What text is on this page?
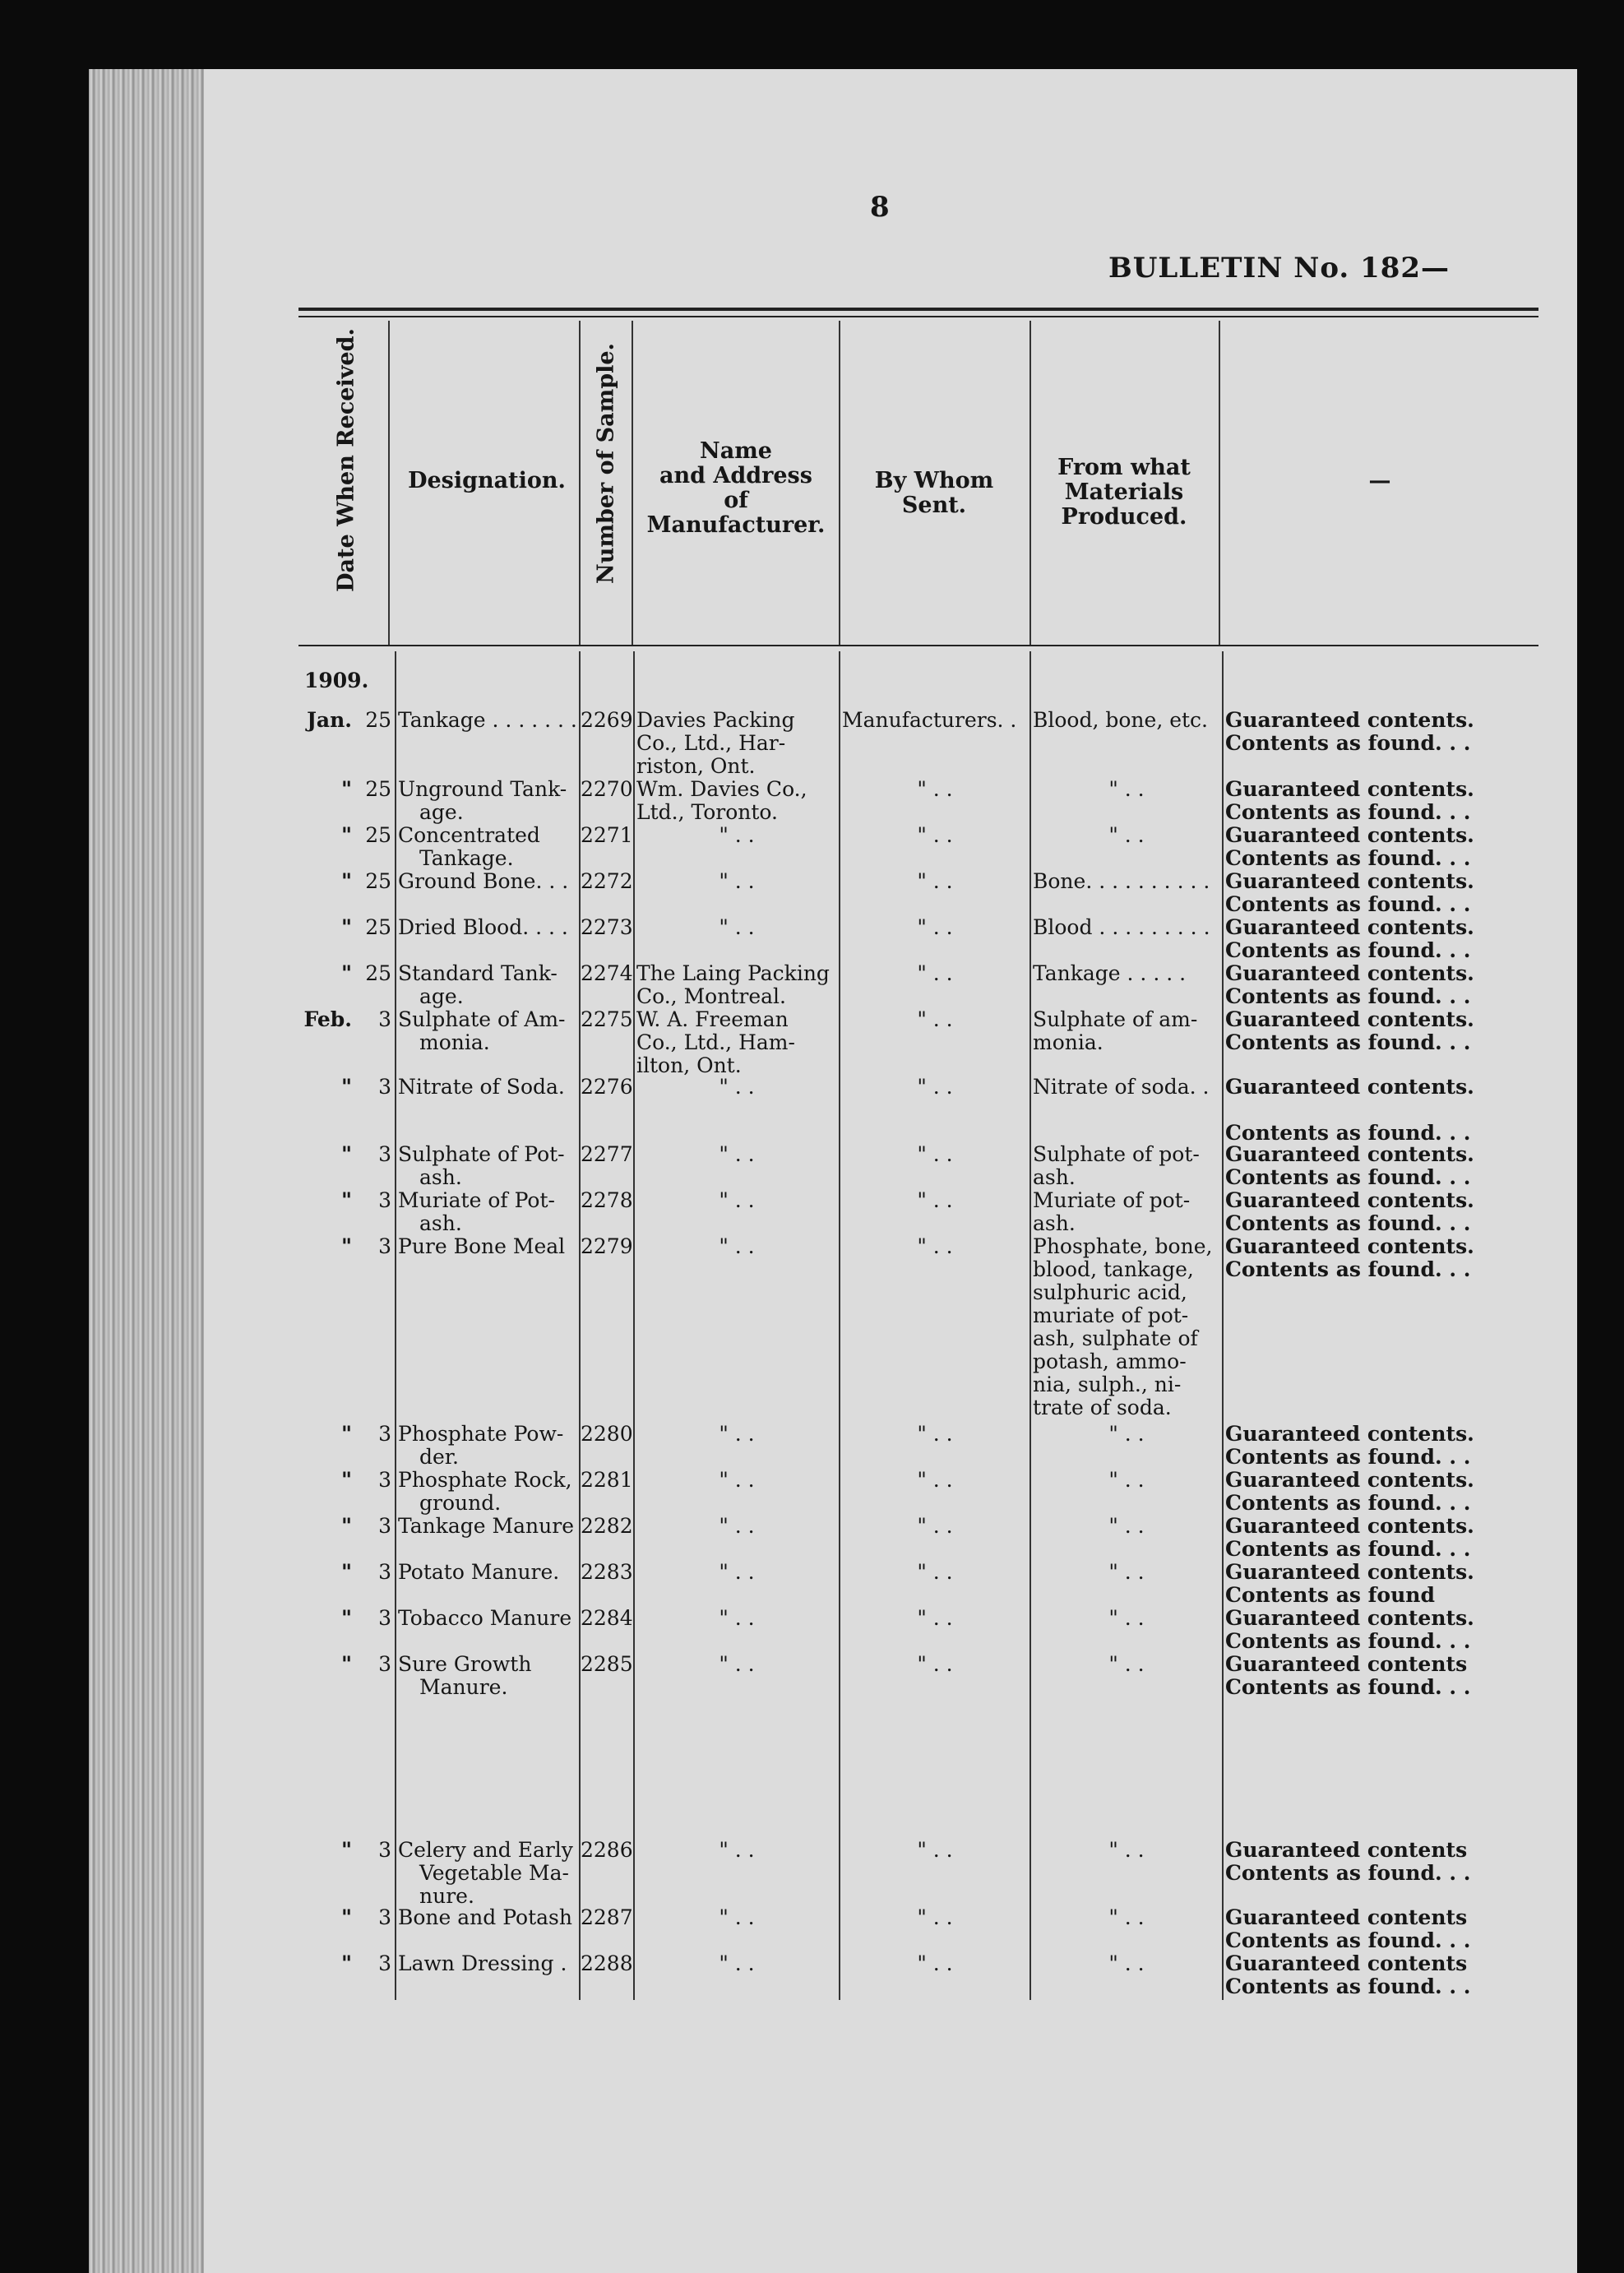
8
BULLETIN No. 182—
Date When Received.	Designation.	Number of Sample.	Name
and Address
of Manufacturer.
By Whom Sent.
From what
Materials
Produced.
—
1909.
Jan. 25 Tankage . . . . . . . 2269 Davies Packing
Co., Ltd., Har-
riston, Ont.
Manufacturers. . Blood, bone, etc. Guaranteed contents.
Contents as found. . .
" 25 Unground Tank-
age.
2270 Wm. Davies Co.,
Ltd., Toronto.
" . .	" . .	Guaranteed contents.
Contents as found. . .
" 25 Concentrated
Tankage.
2271	" . .	" . .	" . .	Guaranteed contents.
Contents as found. . .
" 25 Ground Bone. . . 2272	" . .	" . .	Bone. . . . . . . . . . Guaranteed contents.
Contents as found. . .
" 25 Dried Blood. . . . 2273	" . .	" . .	Blood . . . . . . . . . Guaranteed contents.
Contents as found. . .
" 25 Standard Tank-
age.
2274 The Laing Packing
Co., Montreal.
" . .	Tankage . . . . .	Guaranteed contents.
Contents as found. . .
Feb.	3 Sulphate of Am-
monia.
2275 W. A. Freeman
Co., Ltd., Ham-
ilton, Ont.
" . .	Sulphate of am-
monia.
Guaranteed contents.
Contents as found. . .
"	3 Nitrate of Soda. 2276	" . .	" . .	Nitrate of soda. . Guaranteed contents.
Contents as found. . .
"	3 Sulphate of Pot-
ash.
2277	" . .	" . .	Sulphate of pot-
ash.
Guaranteed contents.
Contents as found. . .
"	3 Muriate of Pot-
ash.
2278	" . .	" . .	Muriate of pot-
ash.
Guaranteed contents.
Contents as found. . .
"	3 Pure Bone Meal 2279	" . .	" . .	Phosphate, bone,
blood, tankage,
sulphuric acid,
muriate of pot-
ash, sulphate of
potash, ammo-
nia, sulph., ni-
trate of soda.
Guaranteed contents.
Contents as found. . .
"	3 Phosphate Pow-
der.
2280	" . .	" . .	" . .	Guaranteed contents.
Contents as found. . .
"	3 Phosphate Rock,
ground.
2281	" . .	" . .	" . .	Guaranteed contents.
Contents as found. . .
"	3 Tankage Manure 2282	" . .	" . .	" . .	Guaranteed contents.
Contents as found. . .
"	3 Potato Manure.	2283	" . .	" . .	" . .	Guaranteed contents.
Contents as found
"	3 Tobacco Manure 2284	" . .	" . .	" . .	Guaranteed contents.
Contents as found. . .
"	3 Sure Growth
Manure.
2285	" . .	" . .	" . .	Guaranteed contents
Contents as found. . .
"	3 Celery and Early
Vegetable Ma-
nure.
2286	" . .	" . .	" . .	Guaranteed contents
Contents as found. . .
"	3 Bone and Potash 2287	" . .	" . .	" . .	Guaranteed contents
Contents as found. . .
"	3 Lawn Dressing . 2288	" . .	" . .	" . .	Guaranteed contents
Contents as found. . .
